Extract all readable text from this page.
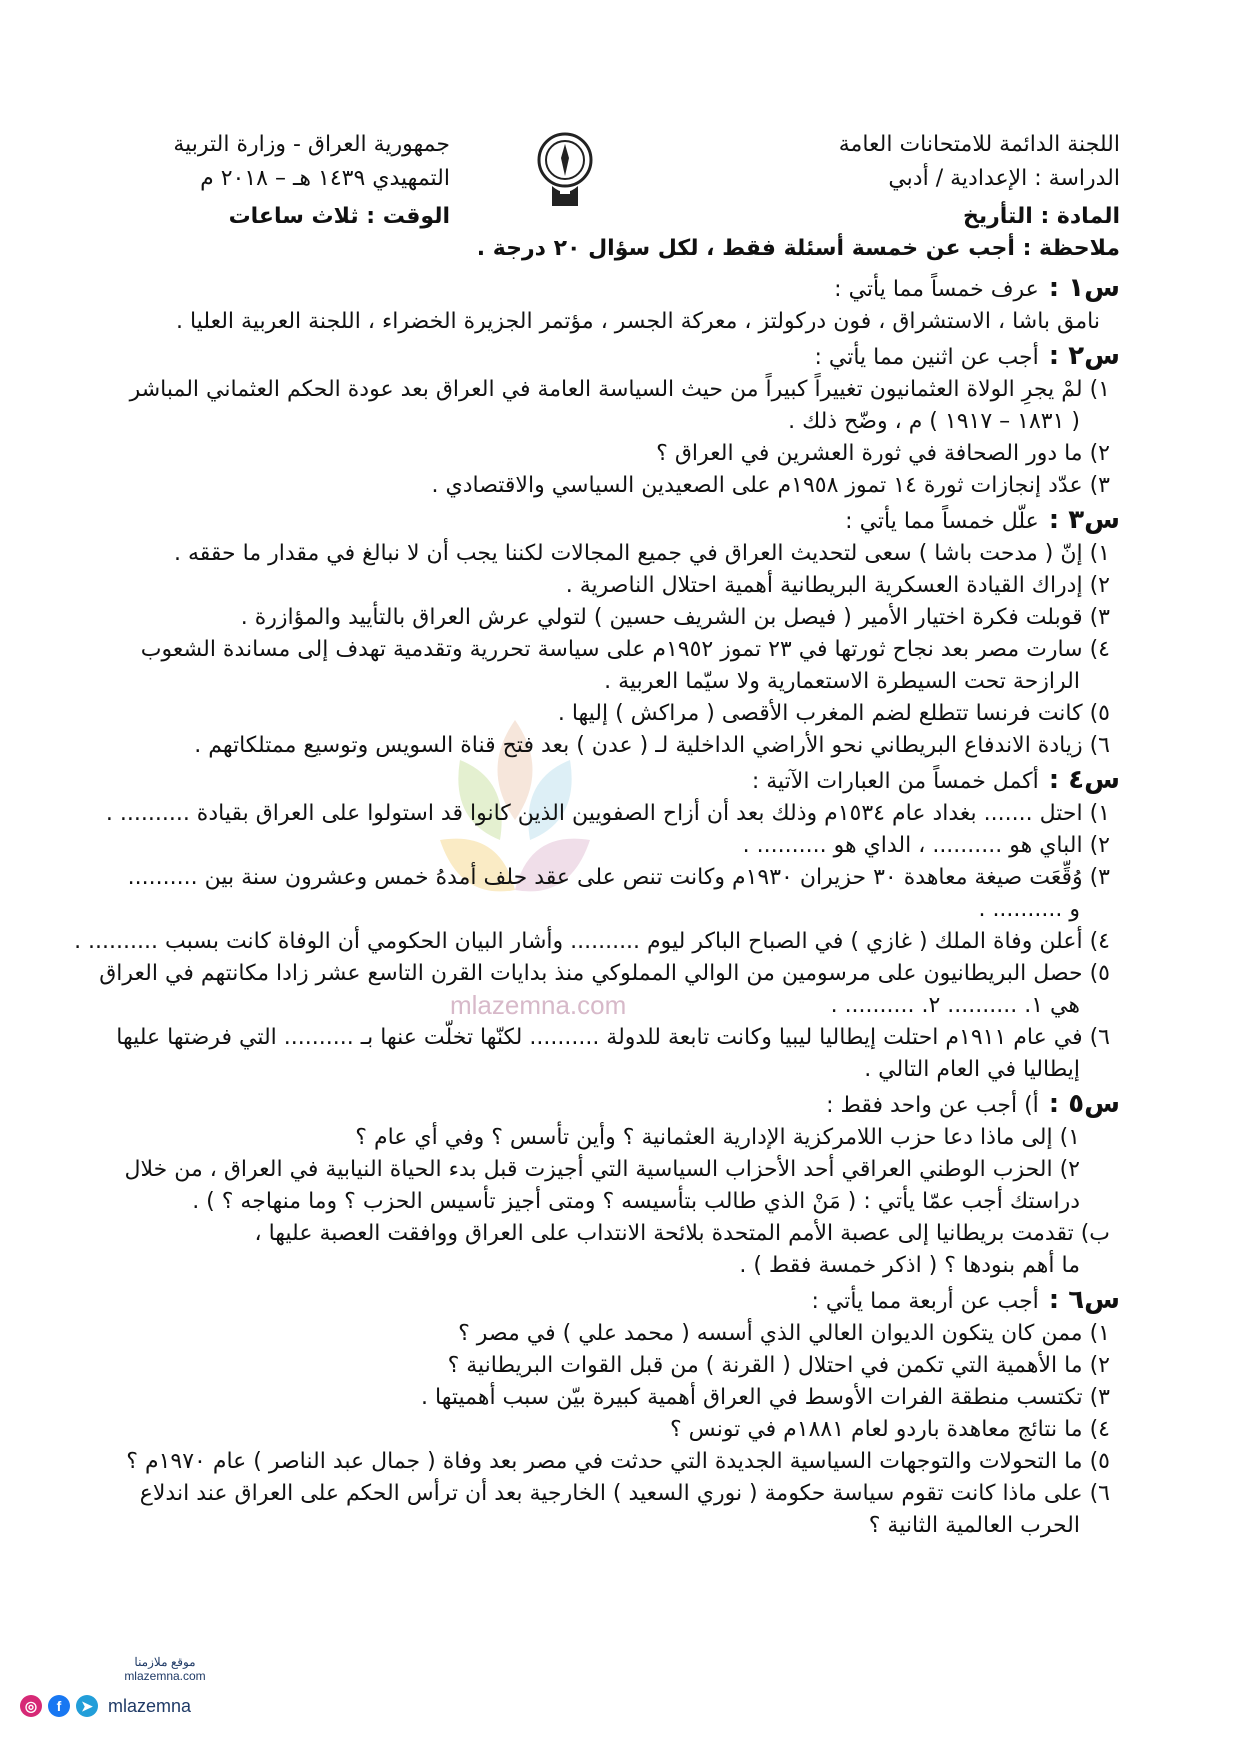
اللجنة الدائمة للامتحانات العامة
الدراسة : الإعدادية / أدبي
المادة : التأريخ
جمهورية العراق - وزارة التربية
التمهيدي ١٤٣٩ هـ – ٢٠١٨ م
الوقت : ثلاث ساعات
ملاحظة : أجب عن خمسة أسئلة فقط ، لكل سؤال ٢٠ درجة .
mlazemna.com
س١ :
عرف خمساً مما يأتي :
نامق باشا ، الاستشراق ، فون دركولتز ، معركة الجسر ، مؤتمر الجزيرة الخضراء ، اللجنة العربية العليا .
س٢ :
أجب عن اثنين مما يأتي :
١) لمْ يجرِ الولاة العثمانيون تغييراً كبيراً من حيث السياسة العامة في العراق بعد عودة الحكم العثماني المباشر
( ١٨٣١ – ١٩١٧ ) م ، وضّح ذلك .
٢) ما دور الصحافة في ثورة العشرين في العراق ؟
٣) عدّد إنجازات ثورة ١٤ تموز ١٩٥٨م على الصعيدين السياسي والاقتصادي .
س٣ :
علّل خمساً مما يأتي :
١) إنّ ( مدحت باشا ) سعى لتحديث العراق في جميع المجالات لكننا يجب أن لا نبالغ في مقدار ما حققه .
٢) إدراك القيادة العسكرية البريطانية أهمية احتلال الناصرية .
٣) قوبلت فكرة اختيار الأمير ( فيصل بن الشريف حسين ) لتولي عرش العراق بالتأييد والمؤازرة .
٤) سارت مصر بعد نجاح ثورتها في ٢٣ تموز ١٩٥٢م على سياسة تحررية وتقدمية تهدف إلى مساندة الشعوب
الرازحة تحت السيطرة الاستعمارية ولا سيّما العربية .
٥) كانت فرنسا تتطلع لضم المغرب الأقصى ( مراكش ) إليها .
٦) زيادة الاندفاع البريطاني نحو الأراضي الداخلية لـ ( عدن ) بعد فتح قناة السويس وتوسيع ممتلكاتهم .
س٤ :
أكمل خمساً من العبارات الآتية :
١) احتل ....... بغداد عام ١٥٣٤م وذلك بعد أن أزاح الصفويين الذين كانوا قد استولوا على العراق بقيادة .......... .
٢) الباي هو .......... ، الداي هو .......... .
٣) وُقِّعَت صيغة معاهدة ٣٠ حزيران ١٩٣٠م وكانت تنص على عقد حلف أمدهُ خمس وعشرون سنة بين ..........
و .......... .
٤) أعلن وفاة الملك ( غازي ) في الصباح الباكر ليوم .......... وأشار البيان الحكومي أن الوفاة كانت بسبب .......... .
٥) حصل البريطانيون على مرسومين من الوالي المملوكي منذ بدايات القرن التاسع عشر زادا مكانتهم في العراق
هي ١. .......... ٢. .......... .
٦) في عام ١٩١١م احتلت إيطاليا ليبيا وكانت تابعة للدولة .......... لكنّها تخلّت عنها بـ .......... التي فرضتها عليها
إيطاليا في العام التالي .
س٥ :
أ) أجب عن واحد فقط :
١) إلى ماذا دعا حزب اللامركزية الإدارية العثمانية ؟ وأين تأسس ؟ وفي أي عام ؟
٢) الحزب الوطني العراقي أحد الأحزاب السياسية التي أجيزت قبل بدء الحياة النيابية في العراق ، من خلال
دراستك أجب عمّا يأتي : ( مَنْ الذي طالب بتأسيسه ؟ ومتى أجيز تأسيس الحزب ؟ وما منهاجه ؟ ) .
ب) تقدمت بريطانيا إلى عصبة الأمم المتحدة بلائحة الانتداب على العراق ووافقت العصبة عليها ،
ما أهم بنودها ؟ ( اذكر خمسة فقط ) .
س٦ :
أجب عن أربعة مما يأتي :
١) ممن كان يتكون الديوان العالي الذي أسسه ( محمد علي ) في مصر ؟
٢) ما الأهمية التي تكمن في احتلال ( القرنة ) من قبل القوات البريطانية ؟
٣) تكتسب منطقة الفرات الأوسط في العراق أهمية كبيرة بيّن سبب أهميتها .
٤) ما نتائج معاهدة باردو لعام ١٨٨١م في تونس ؟
٥) ما التحولات والتوجهات السياسية الجديدة التي حدثت في مصر بعد وفاة ( جمال عبد الناصر ) عام ١٩٧٠م ؟
٦) على ماذا كانت تقوم سياسة حكومة ( نوري السعيد ) الخارجية بعد أن ترأس الحكم على العراق عند اندلاع
الحرب العالمية الثانية ؟
موقع ملازمنا
mlazemna.com
◎	f	➤ mlazemna
